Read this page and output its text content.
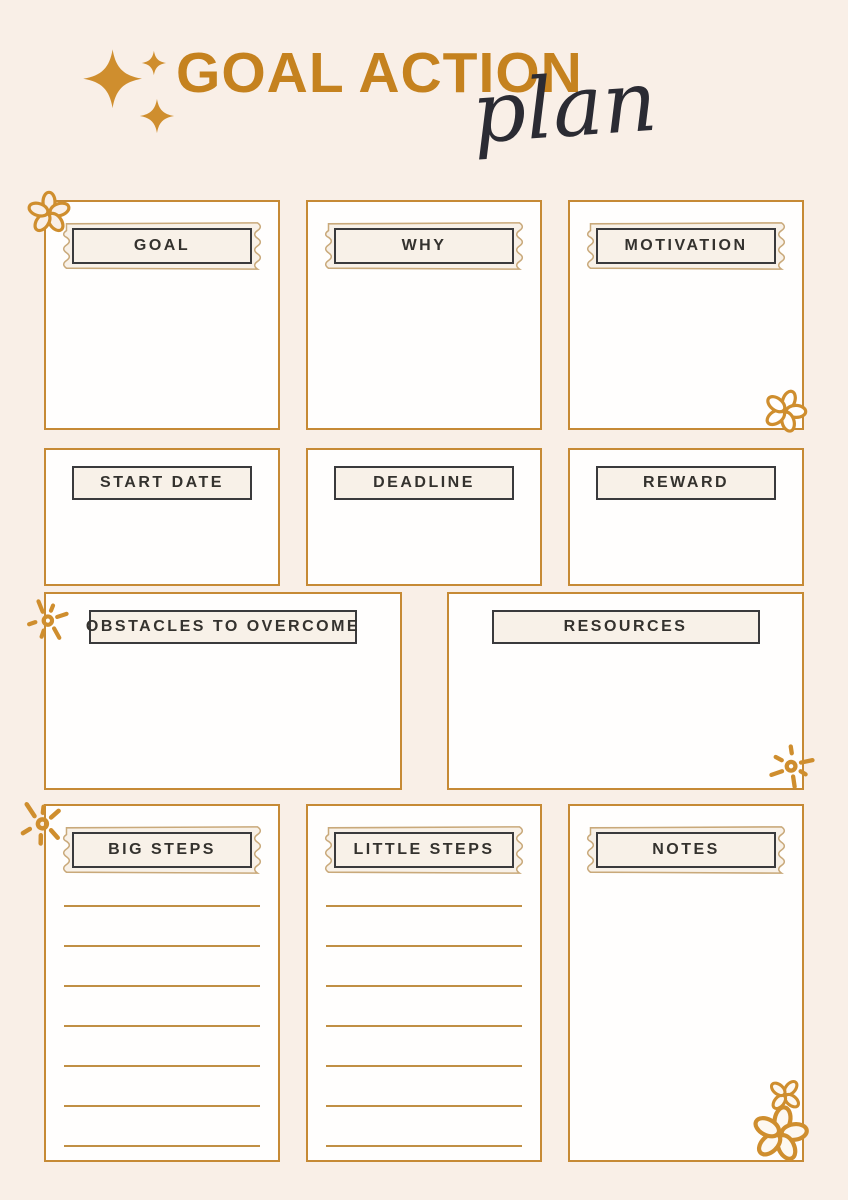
GOAL ACTION
plan
GOAL	WHY	MOTIVATION
START DATE	DEADLINE	REWARD
OBSTACLES TO OVERCOME	RESOURCES
BIG STEPS	LITTLE STEPS	NOTES
